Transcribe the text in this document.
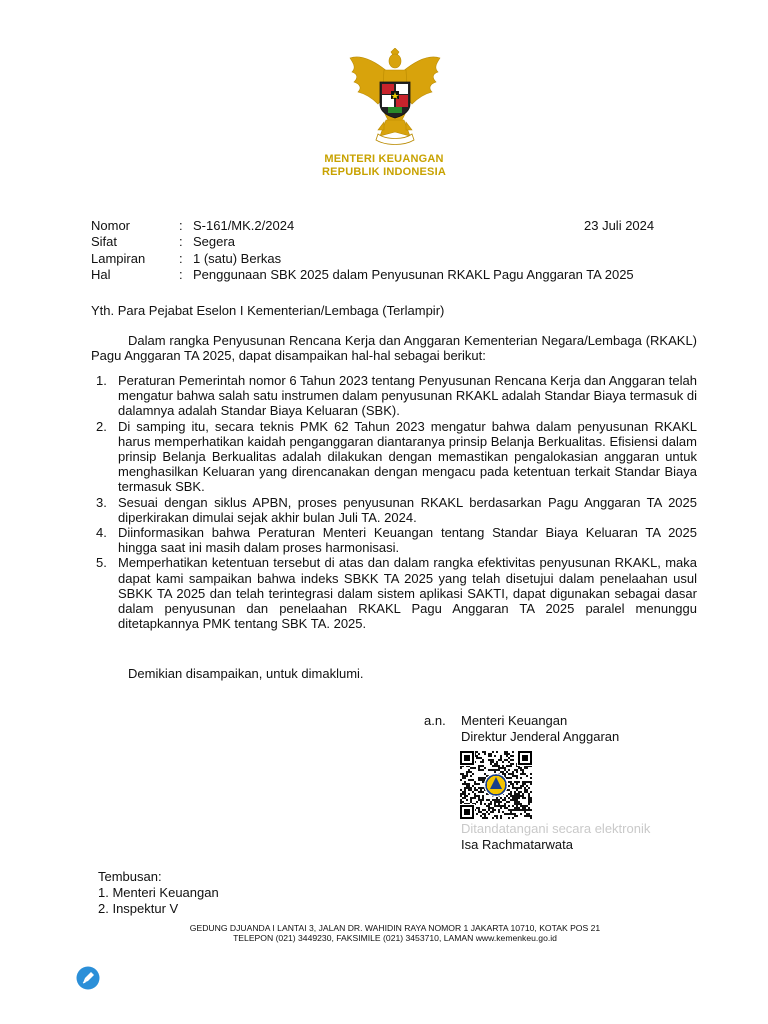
MENTERI KEUANGAN
REPUBLIK INDONESIA
Nomor	: S-161/MK.2/2024
Sifat	: Segera
Lampiran	: 1 (satu) Berkas
Hal	: Penggunaan SBK 2025 dalam Penyusunan RKAKL Pagu Anggaran TA 2025
23 Juli 2024
Yth. Para Pejabat Eselon I Kementerian/Lembaga (Terlampir)
Dalam rangka Penyusunan Rencana Kerja dan Anggaran Kementerian Negara/Lembaga (RKAKL) Pagu Anggaran TA 2025, dapat disampaikan hal-hal sebagai berikut:
1. Peraturan Pemerintah nomor 6 Tahun 2023 tentang Penyusunan Rencana Kerja dan Anggaran telah mengatur bahwa salah satu instrumen dalam penyusunan RKAKL adalah Standar Biaya termasuk di dalamnya adalah Standar Biaya Keluaran (SBK).
2. Di samping itu, secara teknis PMK 62 Tahun 2023 mengatur bahwa dalam penyusunan RKAKL harus memperhatikan kaidah penganggaran diantaranya prinsip Belanja Berkualitas. Efisiensi dalam prinsip Belanja Berkualitas adalah dilakukan dengan memastikan pengalokasian anggaran untuk menghasilkan Keluaran yang direncanakan dengan mengacu pada ketentuan terkait Standar Biaya termasuk SBK.
3. Sesuai dengan siklus APBN, proses penyusunan RKAKL berdasarkan Pagu Anggaran TA 2025 diperkirakan dimulai sejak akhir bulan Juli TA. 2024.
4. Diinformasikan bahwa Peraturan Menteri Keuangan tentang Standar Biaya Keluaran TA 2025 hingga saat ini masih dalam proses harmonisasi.
5. Memperhatikan ketentuan tersebut di atas dan dalam rangka efektivitas penyusunan RKAKL, maka dapat kami sampaikan bahwa indeks SBKK TA 2025 yang telah disetujui dalam penelaahan usul SBKK TA 2025 dan telah terintegrasi dalam sistem aplikasi SAKTI, dapat digunakan sebagai dasar dalam penyusunan dan penelaahan RKAKL Pagu Anggaran TA 2025 paralel menunggu ditetapkannya PMK tentang SBK TA. 2025.
Demikian disampaikan, untuk dimaklumi.
a.n. Menteri Keuangan
Direktur Jenderal Anggaran
Ditandatangani secara elektronik
Isa Rachmatarwata
Tembusan:
1. Menteri Keuangan
2. Inspektur V
GEDUNG DJUANDA I LANTAI 3, JALAN DR. WAHIDIN RAYA NOMOR 1 JAKARTA 10710, KOTAK POS 21
TELEPON (021) 3449230, FAKSIMILE (021) 3453710, LAMAN www.kemenkeu.go.id
